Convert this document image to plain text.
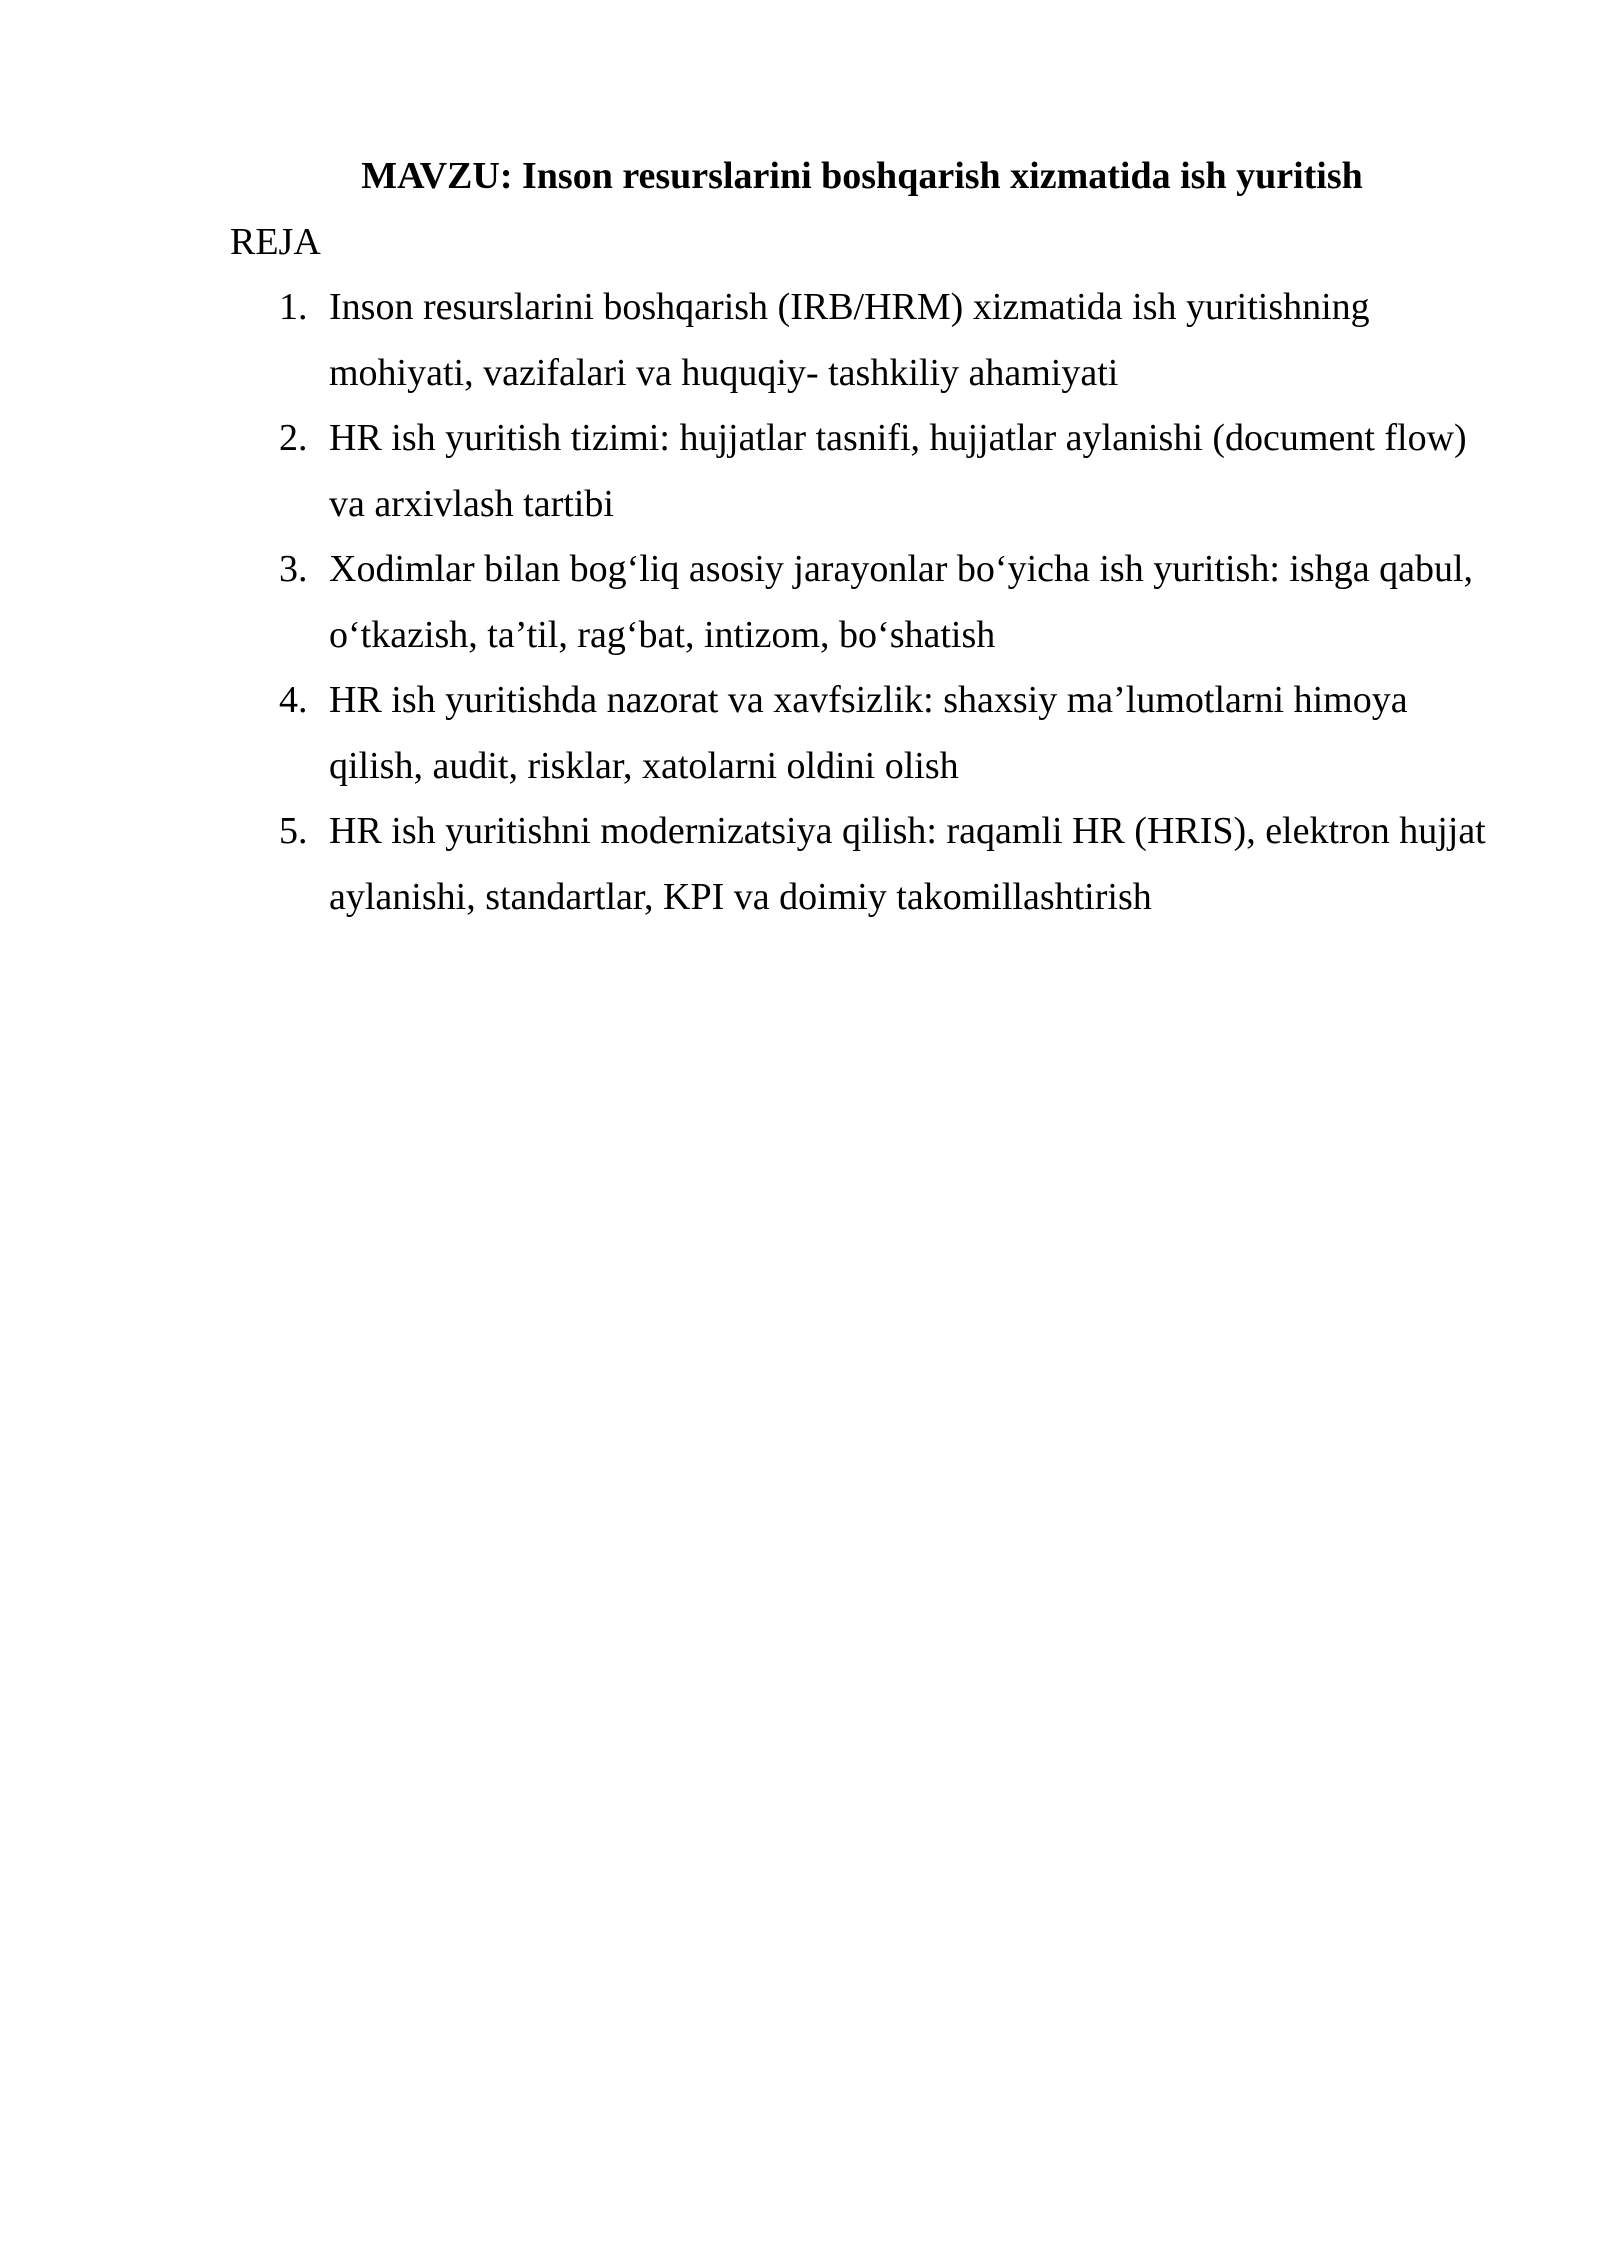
MAVZU: Inson resurslarini boshqarish xizmatida ish yuritish
REJA
1. Inson resurslarini boshqarish (IRB/HRM) xizmatida ish yuritishning
mohiyati, vazifalari va huquqiy- tashkiliy ahamiyati
2. HR ish yuritish tizimi: hujjatlar tasnifi, hujjatlar aylanishi (document flow)
va arxivlash tartibi
3. Xodimlar bilan bog‘liq asosiy jarayonlar bo‘yicha ish yuritish: ishga qabul,
o‘tkazish, ta’til, rag‘bat, intizom, bo‘shatish
4. HR ish yuritishda nazorat va xavfsizlik: shaxsiy ma’lumotlarni himoya
qilish, audit, risklar, xatolarni oldini olish
5. HR ish yuritishni modernizatsiya qilish: raqamli HR (HRIS), elektron hujjat
aylanishi, standartlar, KPI va doimiy takomillashtirish
